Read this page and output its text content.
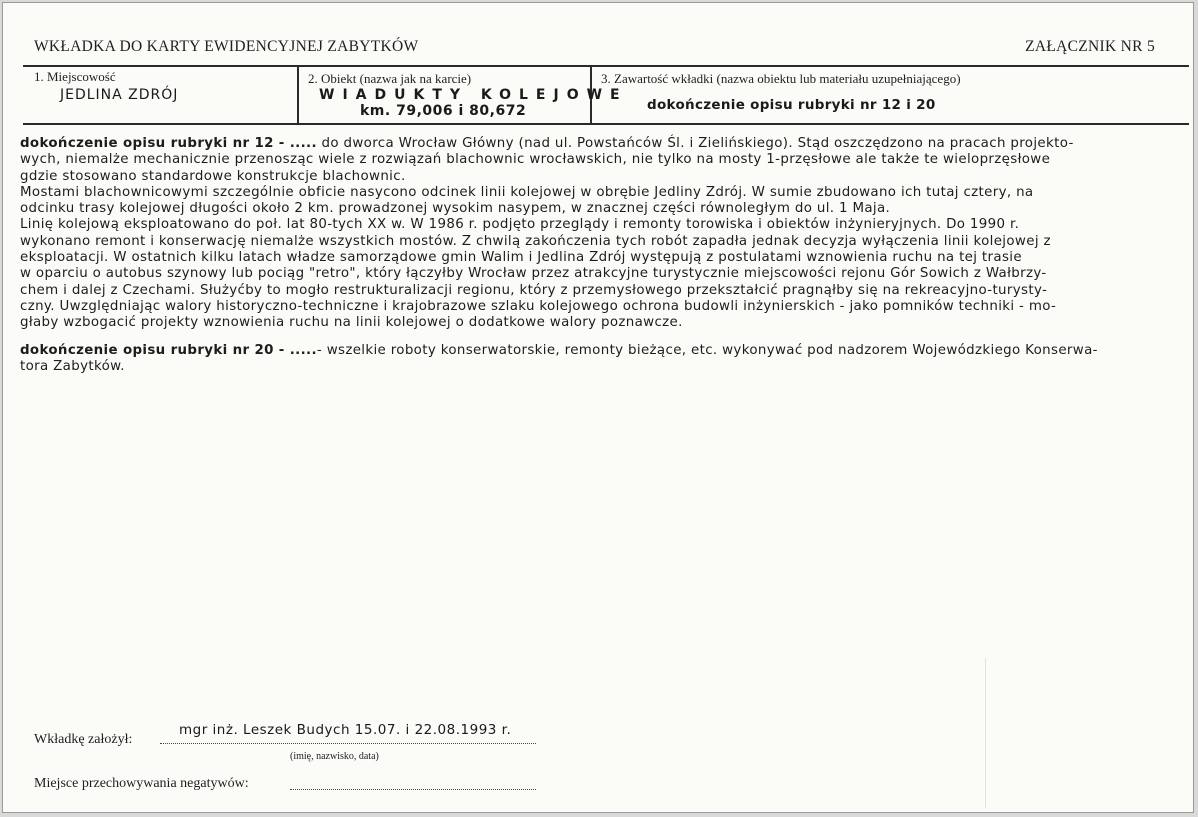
WKŁADKA DO KARTY EWIDENCYJNEJ ZABYTKÓW	ZAŁĄCZNIK NR 5
1. Miejscowość
JEDLINA ZDRÓJ
2. Obiekt (nazwa jak na karcie)
WIADUKTY KOLEJOWE
km. 79,006 i 80,672
3. Zawartość wkładki (nazwa obiektu lub materiału uzupełniającego)
dokończenie opisu rubryki nr 12 i 20
dokończenie opisu rubryki nr 12 - ..... do dworca Wrocław Główny (nad ul. Powstańców Śl. i Zielińskiego). Stąd oszczędzono na pracach projekto-
wych, niemalże mechanicznie przenosząc wiele z rozwiązań blachownic wrocławskich, nie tylko na mosty 1-przęsłowe ale także te wieloprzęsłowe
gdzie stosowano standardowe konstrukcje blachownic.
Mostami blachownicowymi szczególnie obficie nasycono odcinek linii kolejowej w obrębie Jedliny Zdrój. W sumie zbudowano ich tutaj cztery, na
odcinku trasy kolejowej długości około 2 km. prowadzonej wysokim nasypem, w znacznej części równoległym do ul. 1 Maja.
Linię kolejową eksploatowano do poł. lat 80-tych XX w. W 1986 r. podjęto przeglądy i remonty torowiska i obiektów inżynieryjnych. Do 1990 r.
wykonano remont i konserwację niemalże wszystkich mostów. Z chwilą zakończenia tych robót zapadła jednak decyzja wyłączenia linii kolejowej z
eksploatacji. W ostatnich kilku latach władze samorządowe gmin Walim i Jedlina Zdrój występują z postulatami wznowienia ruchu na tej trasie
w oparciu o autobus szynowy lub pociąg "retro", który łączyłby Wrocław przez atrakcyjne turystycznie miejscowości rejonu Gór Sowich z Wałbrzy-
chem i dalej z Czechami. Służyćby to mogło restrukturalizacji regionu, który z przemysłowego przekształcić pragnąłby się na rekreacyjno-turysty-
czny. Uwzględniając walory historyczno-techniczne i krajobrazowe szlaku kolejowego ochrona budowli inżynierskich - jako pomników techniki - mo-
głaby wzbogacić projekty wznowienia ruchu na linii kolejowej o dodatkowe walory poznawcze.
dokończenie opisu rubryki nr 20 - .....- wszelkie roboty konserwatorskie, remonty bieżące, etc. wykonywać pod nadzorem Wojewódzkiego Konserwa-
tora Zabytków.
Wkładkę założył:
mgr inż. Leszek Budych 15.07. i 22.08.1993 r.
(imię, nazwisko, data)
Miejsce przechowywania negatywów:
